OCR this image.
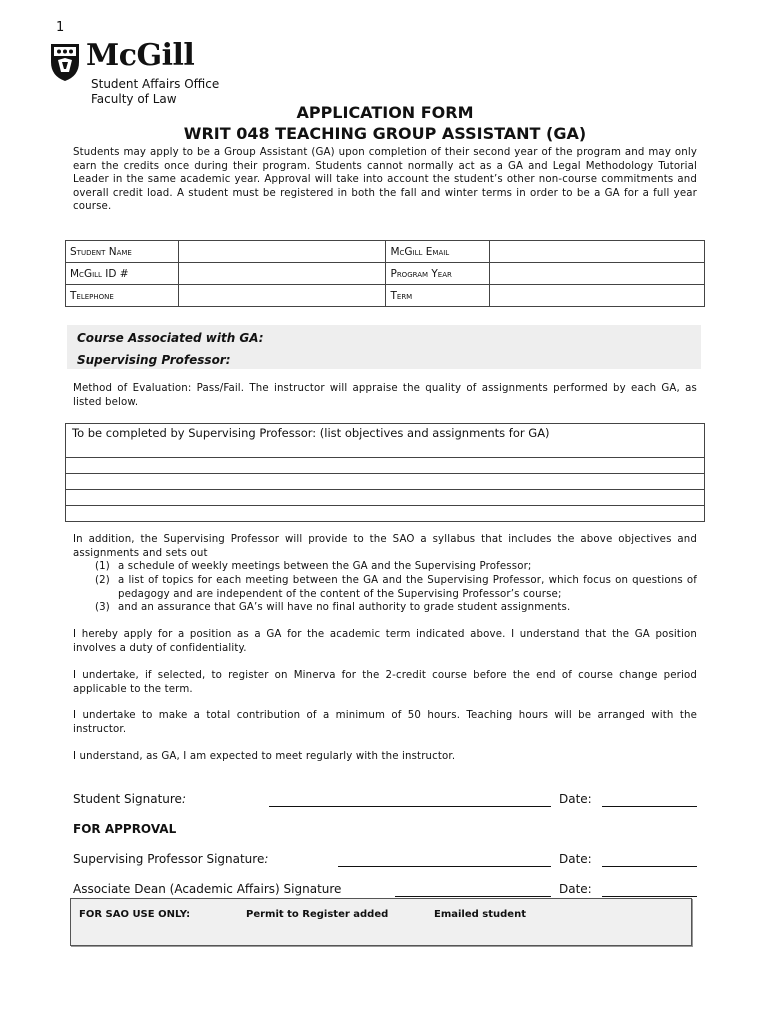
1
McGill
Student Affairs Office
Faculty of Law
APPLICATION FORM
WRIT 048 TEACHING GROUP ASSISTANT (GA)
Students may apply to be a Group Assistant (GA) upon completion of their second year of the program and may only earn the credits once during their program. Students cannot normally act as a GA and Legal Methodology Tutorial Leader in the same academic year. Approval will take into account the student’s other non-course commitments and overall credit load. A student must be registered in both the fall and winter terms in order to be a GA for a full year course.
Student Name		McGill Email	
McGill ID #		Program Year	
Telephone		Term	
Course Associated with GA:
Supervising Professor:
Method of Evaluation: Pass/Fail. The instructor will appraise the quality of assignments performed by each GA, as listed below.
To be completed by Supervising Professor: (list objectives and assignments for GA)

In addition, the Supervising Professor will provide to the SAO a syllabus that includes the above objectives and assignments and sets out
(1) a schedule of weekly meetings between the GA and the Supervising Professor;
(2) a list of topics for each meeting between the GA and the Supervising Professor, which focus on questions of pedagogy and are independent of the content of the Supervising Professor’s course;
(3) and an assurance that GA’s will have no final authority to grade student assignments.
I hereby apply for a position as a GA for the academic term indicated above. I understand that the GA position involves a duty of confidentiality.
I undertake, if selected, to register on Minerva for the 2-credit course before the end of course change period applicable to the term.
I undertake to make a total contribution of a minimum of 50 hours. Teaching hours will be arranged with the instructor.
I understand, as GA, I am expected to meet regularly with the instructor.
Student Signature:	Date:
FOR APPROVAL
Supervising Professor Signature:	Date:
Associate Dean (Academic Affairs) Signature	Date:
FOR SAO USE ONLY:	Permit to Register added	Emailed student
